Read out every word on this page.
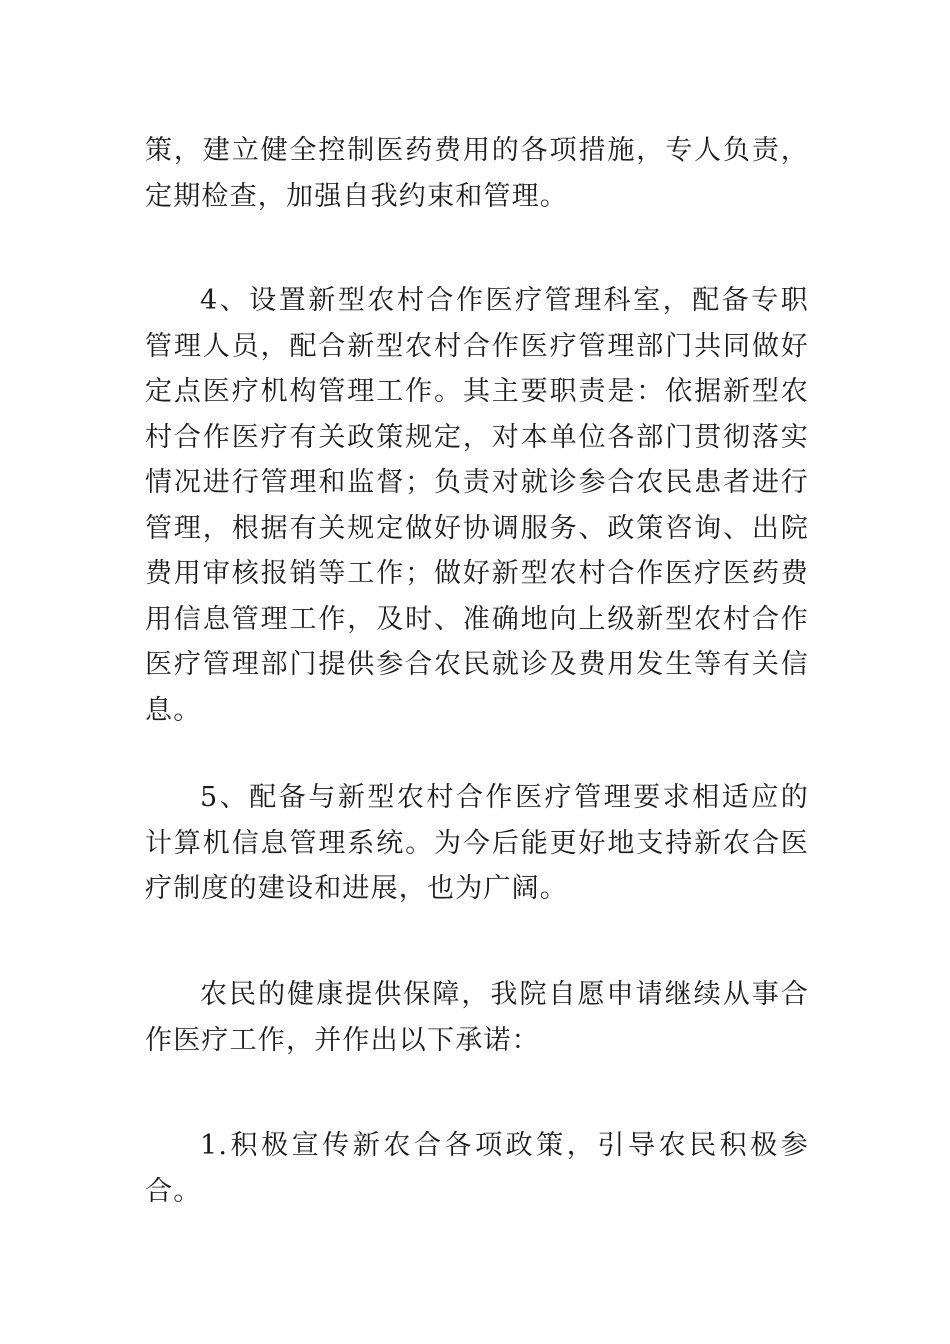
策，建立健全控制医药费用的各项措施，专人负责，定期检查，加强自我约束和管理。

4、设置新型农村合作医疗管理科室，配备专职管理人员，配合新型农村合作医疗管理部门共同做好定点医疗机构管理工作。其主要职责是：依据新型农村合作医疗有关政策规定，对本单位各部门贯彻落实情况进行管理和监督；负责对就诊参合农民患者进行管理，根据有关规定做好协调服务、政策咨询、出院费用审核报销等工作；做好新型农村合作医疗医药费用信息管理工作，及时、准确地向上级新型农村合作医疗管理部门提供参合农民就诊及费用发生等有关信息。

5、配备与新型农村合作医疗管理要求相适应的计算机信息管理系统。为今后能更好地支持新农合医疗制度的建设和进展，也为广阔。

农民的健康提供保障，我院自愿申请继续从事合作医疗工作，并作出以下承诺：

1.积极宣传新农合各项政策，引导农民积极参合。
